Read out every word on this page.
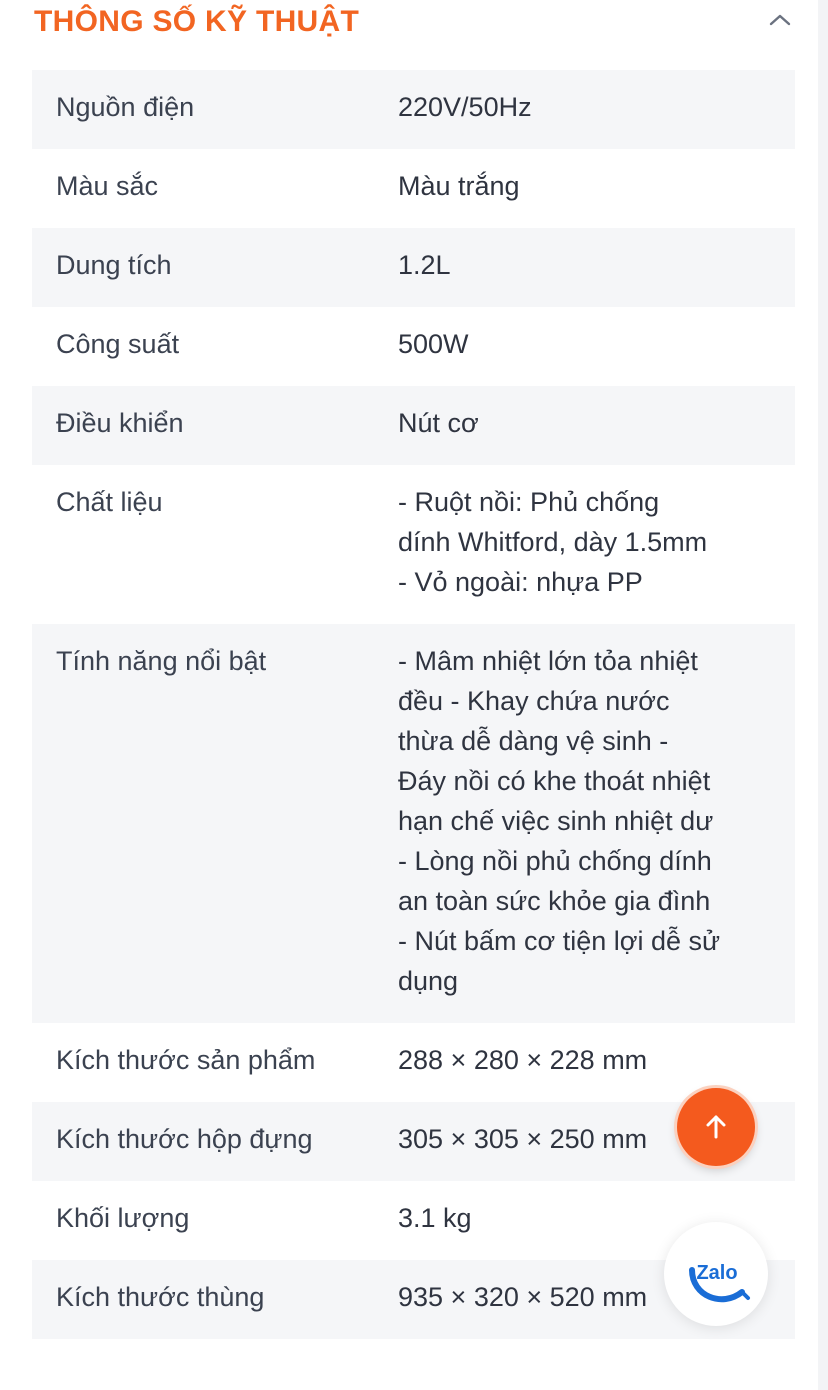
THÔNG SỐ KỸ THUẬT
Nguồn điện	220V/50Hz
Màu sắc	Màu trắng
Dung tích	1.2L
Công suất	500W
Điều khiển	Nút cơ
Chất liệu	- Ruột nồi: Phủ chống
dính Whitford, dày 1.5mm
- Vỏ ngoài: nhựa PP
Tính năng nổi bật	- Mâm nhiệt lớn tỏa nhiệt
đều - Khay chứa nước
thừa dễ dàng vệ sinh -
Đáy nồi có khe thoát nhiệt
hạn chế việc sinh nhiệt dư
- Lòng nồi phủ chống dính
an toàn sức khỏe gia đình
- Nút bấm cơ tiện lợi dễ sử
dụng
Kích thước sản phẩm	288 × 280 × 228 mm
Kích thước hộp đựng	305 × 305 × 250 mm
Khối lượng	3.1 kg
Kích thước thùng	935 × 320 × 520 mm
Zalo
